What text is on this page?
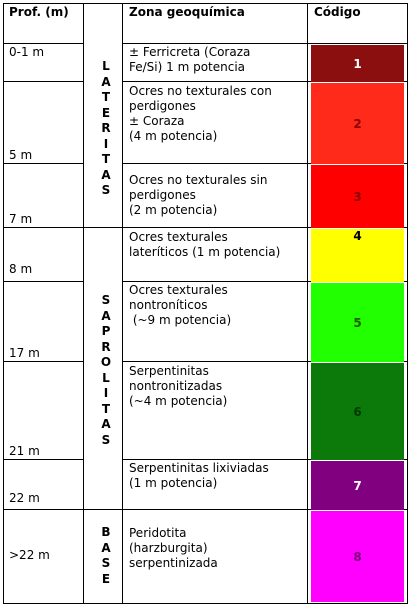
Prof. (m)	Zona geoquímica	Código
0-1 m
5 m
7 m
8 m
17 m
21 m
22 m
>22 m
L
A
T
E
R
I
T
A
S
S
A
P
R
O
L
I
T
A
S
B
A
S
E
± Ferricreta (Coraza
Fe/Si) 1 m potencia
Ocres no texturales con
perdigones
± Coraza
(4 m potencia)
Ocres no texturales sin
perdigones
(2 m potencia)
Ocres texturales
lateríticos (1 m potencia)
Ocres texturales
nontroníticos
(~9 m potencia)
Serpentinitas
nontronitizadas
(~4 m potencia)
Serpentinitas lixiviadas
(1 m potencia)
Peridotita
(harzburgita)
serpentinizada
1
2
3
4
5
6
7
8
